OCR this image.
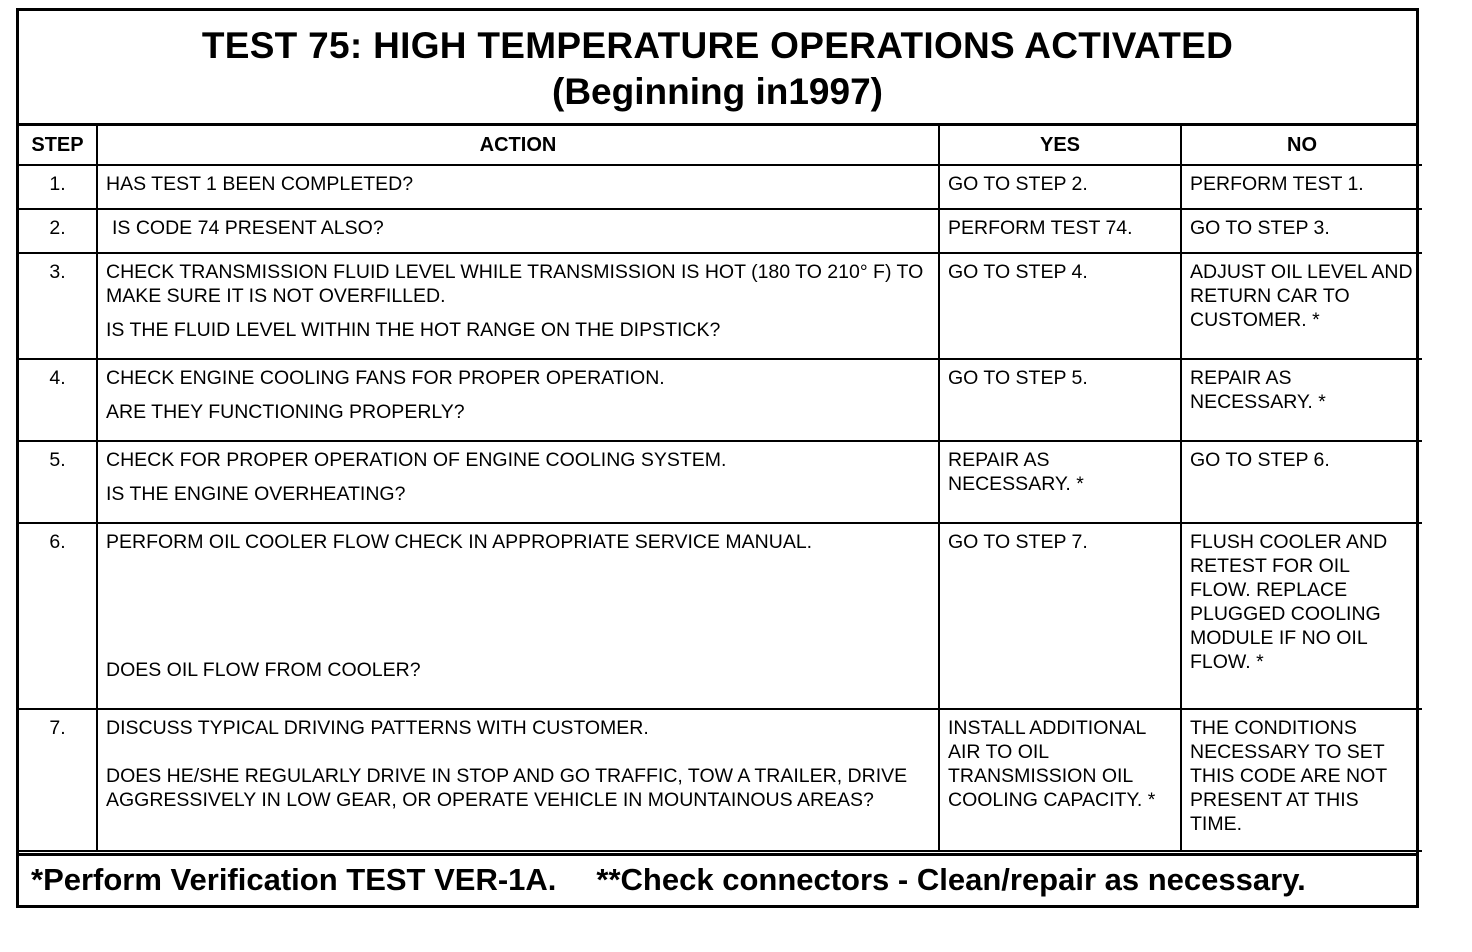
TEST 75: HIGH TEMPERATURE OPERATIONS ACTIVATED
(Beginning in1997)
STEP	ACTION	YES	NO
1.	HAS TEST 1 BEEN COMPLETED?	GO TO STEP 2.	PERFORM TEST 1.
2.	IS CODE 74 PRESENT ALSO?	PERFORM TEST 74.	GO TO STEP 3.
3.	CHECK TRANSMISSION FLUID LEVEL WHILE TRANSMISSION IS HOT (180 TO 210° F) TO MAKE SURE IT IS NOT OVERFILLED.
IS THE FLUID LEVEL WITHIN THE HOT RANGE ON THE DIPSTICK?	GO TO STEP 4.	ADJUST OIL LEVEL AND RETURN CAR TO CUSTOMER. *
4.	CHECK ENGINE COOLING FANS FOR PROPER OPERATION.
ARE THEY FUNCTIONING PROPERLY?	GO TO STEP 5.	REPAIR AS NECESSARY. *
5.	CHECK FOR PROPER OPERATION OF ENGINE COOLING SYSTEM.
IS THE ENGINE OVERHEATING?	REPAIR AS NECESSARY. *	GO TO STEP 6.
6.	PERFORM OIL COOLER FLOW CHECK IN APPROPRIATE SERVICE MANUAL.
DOES OIL FLOW FROM COOLER?	GO TO STEP 7.	FLUSH COOLER AND RETEST FOR OIL FLOW. REPLACE PLUGGED COOLING MODULE IF NO OIL FLOW. *
7.	DISCUSS TYPICAL DRIVING PATTERNS WITH CUSTOMER.
DOES HE/SHE REGULARLY DRIVE IN STOP AND GO TRAFFIC, TOW A TRAILER, DRIVE AGGRESSIVELY IN LOW GEAR, OR OPERATE VEHICLE IN MOUNTAINOUS AREAS?	INSTALL ADDITIONAL AIR TO OIL TRANSMISSION OIL COOLING CAPACITY. *	THE CONDITIONS NECESSARY TO SET THIS CODE ARE NOT PRESENT AT THIS TIME.
*Perform Verification TEST VER-1A. **Check connectors - Clean/repair as necessary.
